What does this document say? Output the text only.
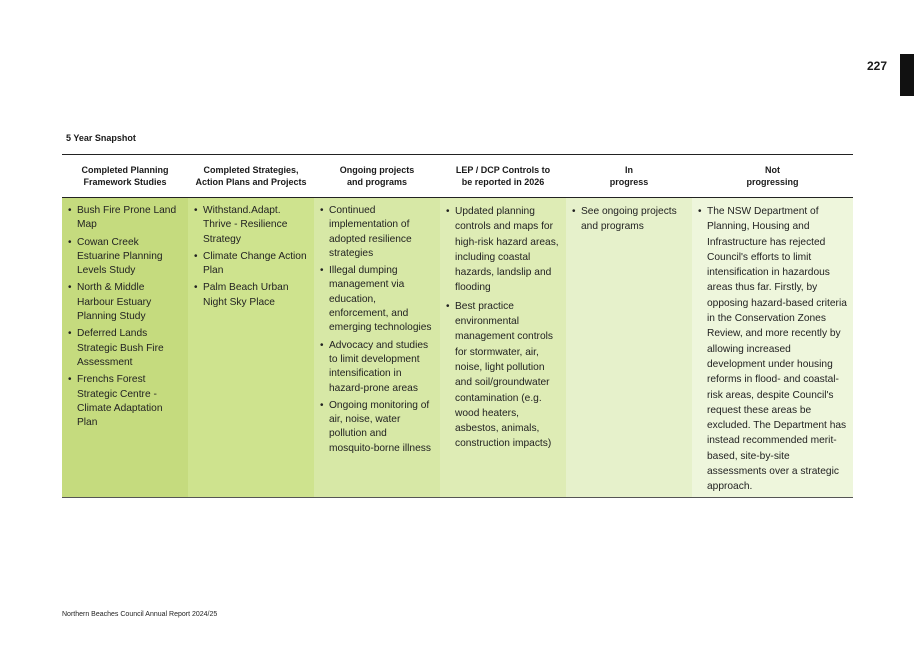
227
5 Year Snapshot
Completed Planning
Framework Studies
Completed Strategies,
Action Plans and Projects
Ongoing projects
and programs
LEP / DCP Controls to
be reported in 2026
In
progress
Not
progressing
• Bush Fire Prone Land Map
• Cowan Creek Estuarine Planning Levels Study
• North & Middle Harbour Estuary Planning Study
• Deferred Lands Strategic Bush Fire Assessment
• Frenchs Forest Strategic Centre - Climate Adaptation Plan
• Withstand.Adapt. Thrive - Resilience Strategy
• Climate Change Action Plan
• Palm Beach Urban Night Sky Place
• Continued implementation of adopted resilience strategies
• Illegal dumping management via education, enforcement, and emerging technologies
• Advocacy and studies to limit development intensification in hazard-prone areas
• Ongoing monitoring of air, noise, water pollution and mosquito-borne illness
• Updated planning controls and maps for high-risk hazard areas, including coastal hazards, landslip and flooding
• Best practice environmental management controls for stormwater, air, noise, light pollution and soil/groundwater contamination (e.g. wood heaters, asbestos, animals, construction impacts)
• See ongoing projects and programs
• The NSW Department of Planning, Housing and Infrastructure has rejected Council's efforts to limit intensification in hazardous areas thus far. Firstly, by opposing hazard-based criteria in the Conservation Zones Review, and more recently by allowing increased development under housing reforms in flood- and coastal-risk areas, despite Council's request these areas be excluded. The Department has instead recommended merit-based, site-by-site assessments over a strategic approach.
Northern Beaches Council Annual Report 2024/25
